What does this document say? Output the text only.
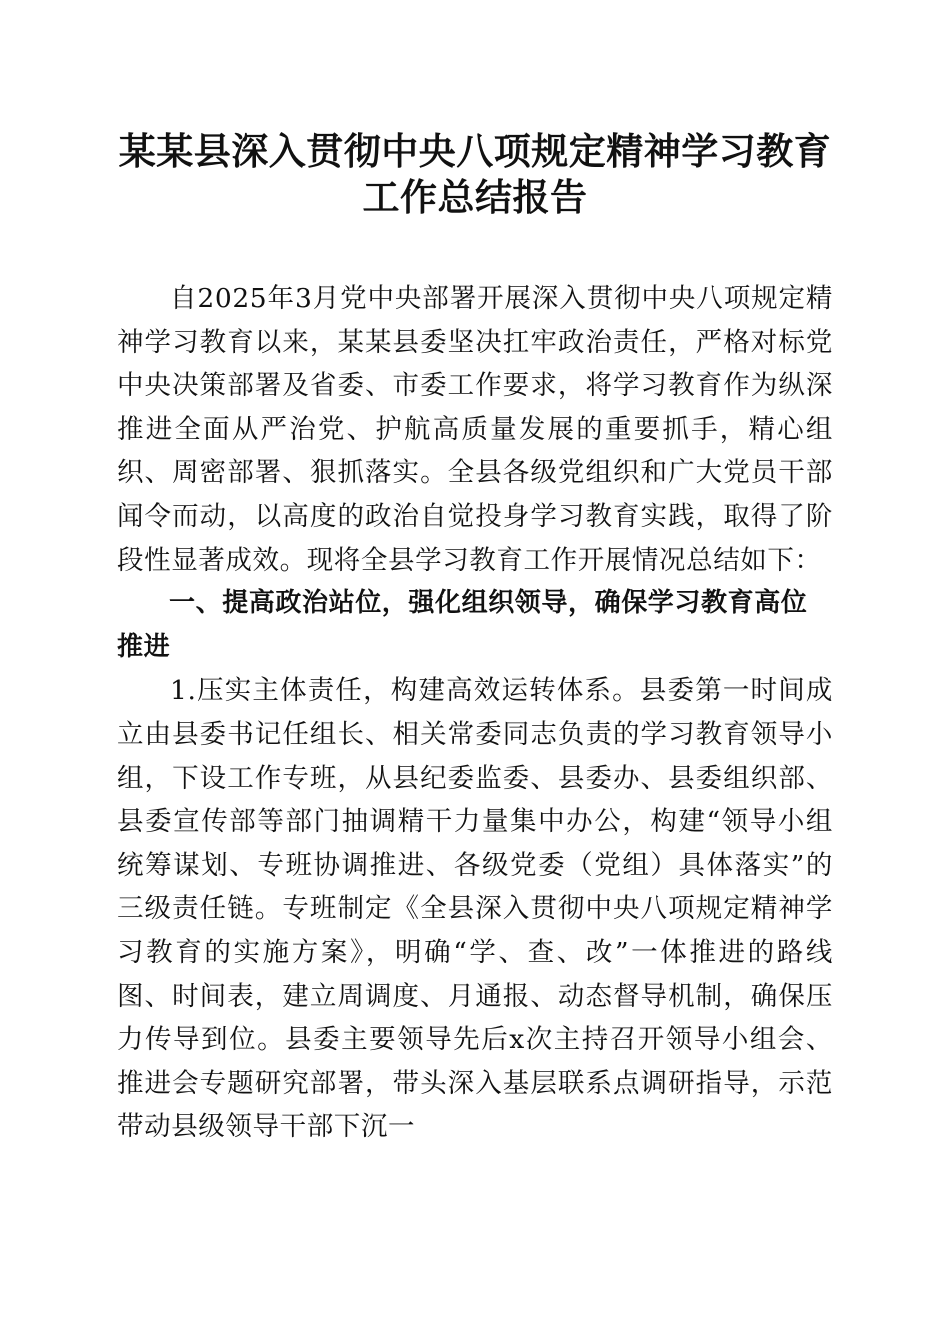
某某县深入贯彻中央八项规定精神学习教育工作总结报告

自2025年3月党中央部署开展深入贯彻中央八项规定精神学习教育以来，某某县委坚决扛牢政治责任，严格对标党中央决策部署及省委、市委工作要求，将学习教育作为纵深推进全面从严治党、护航高质量发展的重要抓手，精心组织、周密部署、狠抓落实。全县各级党组织和广大党员干部闻令而动，以高度的政治自觉投身学习教育实践，取得了阶段性显著成效。现将全县学习教育工作开展情况总结如下：

一、提高政治站位，强化组织领导，确保学习教育高位推进

1.压实主体责任，构建高效运转体系。县委第一时间成立由县委书记任组长、相关常委同志负责的学习教育领导小组，下设工作专班，从县纪委监委、县委办、县委组织部、县委宣传部等部门抽调精干力量集中办公，构建“领导小组统筹谋划、专班协调推进、各级党委（党组）具体落实”的三级责任链。专班制定《全县深入贯彻中央八项规定精神学习教育的实施方案》，明确“学、查、改”一体推进的路线图、时间表，建立周调度、月通报、动态督导机制，确保压力传导到位。县委主要领导先后x次主持召开领导小组会、推进会专题研究部署，带头深入基层联系点调研指导，示范带动县级领导干部下沉一
